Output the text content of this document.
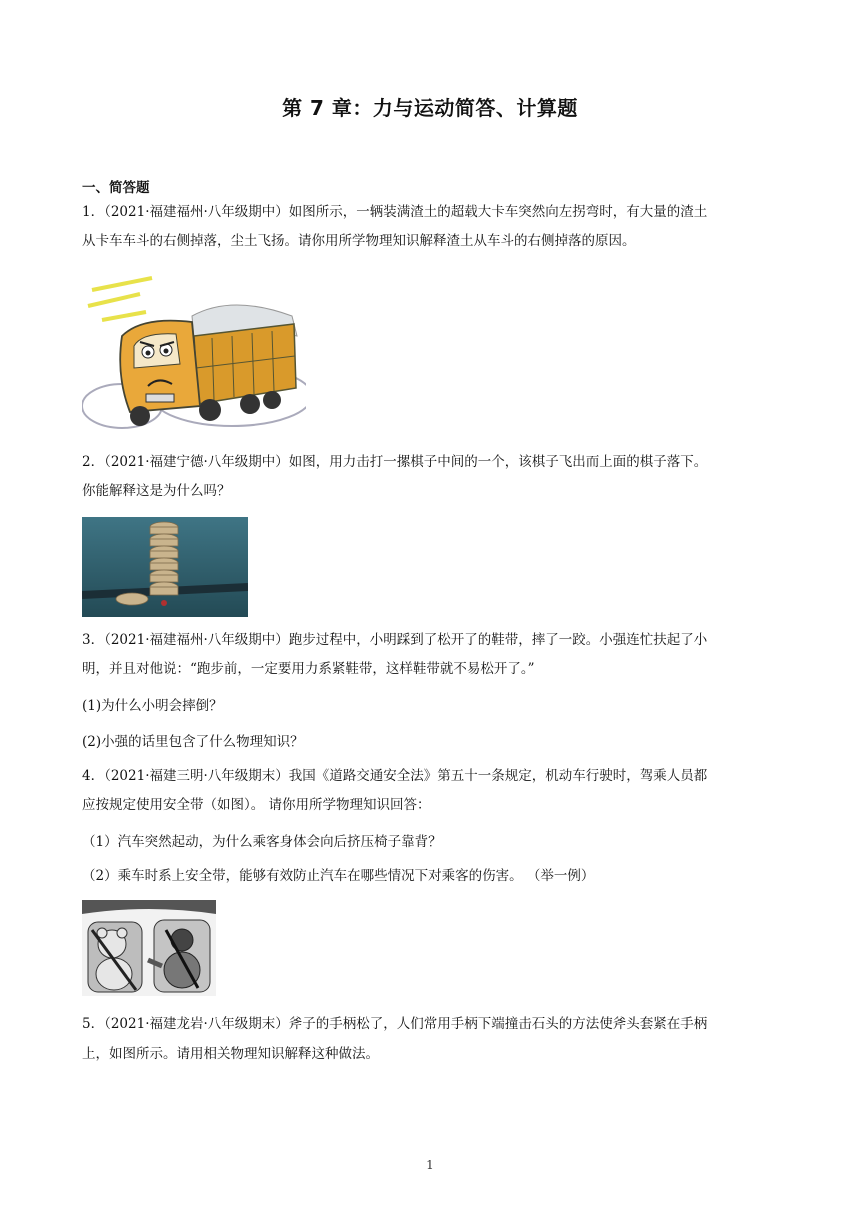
第 7 章：力与运动简答、计算题
一、简答题
1．（2021·福建福州·八年级期中）如图所示，一辆装满渣土的超载大卡车突然向左拐弯时，有大量的渣土
从卡车车斗的右侧掉落，尘土飞扬。请你用所学物理知识解释渣土从车斗的右侧掉落的原因。
2．（2021·福建宁德·八年级期中）如图，用力击打一摞棋子中间的一个，该棋子飞出而上面的棋子落下。
你能解释这是为什么吗？
3．（2021·福建福州·八年级期中）跑步过程中，小明踩到了松开了的鞋带，摔了一跤。小强连忙扶起了小
明，并且对他说：“跑步前，一定要用力系紧鞋带，这样鞋带就不易松开了。”
(1)为什么小明会摔倒？
(2)小强的话里包含了什么物理知识？
4．（2021·福建三明·八年级期末）我国《道路交通安全法》第五十一条规定，机动车行驶时，驾乘人员都
应按规定使用安全带（如图）。 请你用所学物理知识回答：
（1）汽车突然起动，为什么乘客身体会向后挤压椅子靠背？
（2）乘车时系上安全带，能够有效防止汽车在哪些情况下对乘客的伤害。 （举一例）
5．（2021·福建龙岩·八年级期末）斧子的手柄松了，人们常用手柄下端撞击石头的方法使斧头套紧在手柄
上，如图所示。请用相关物理知识解释这种做法。
1
